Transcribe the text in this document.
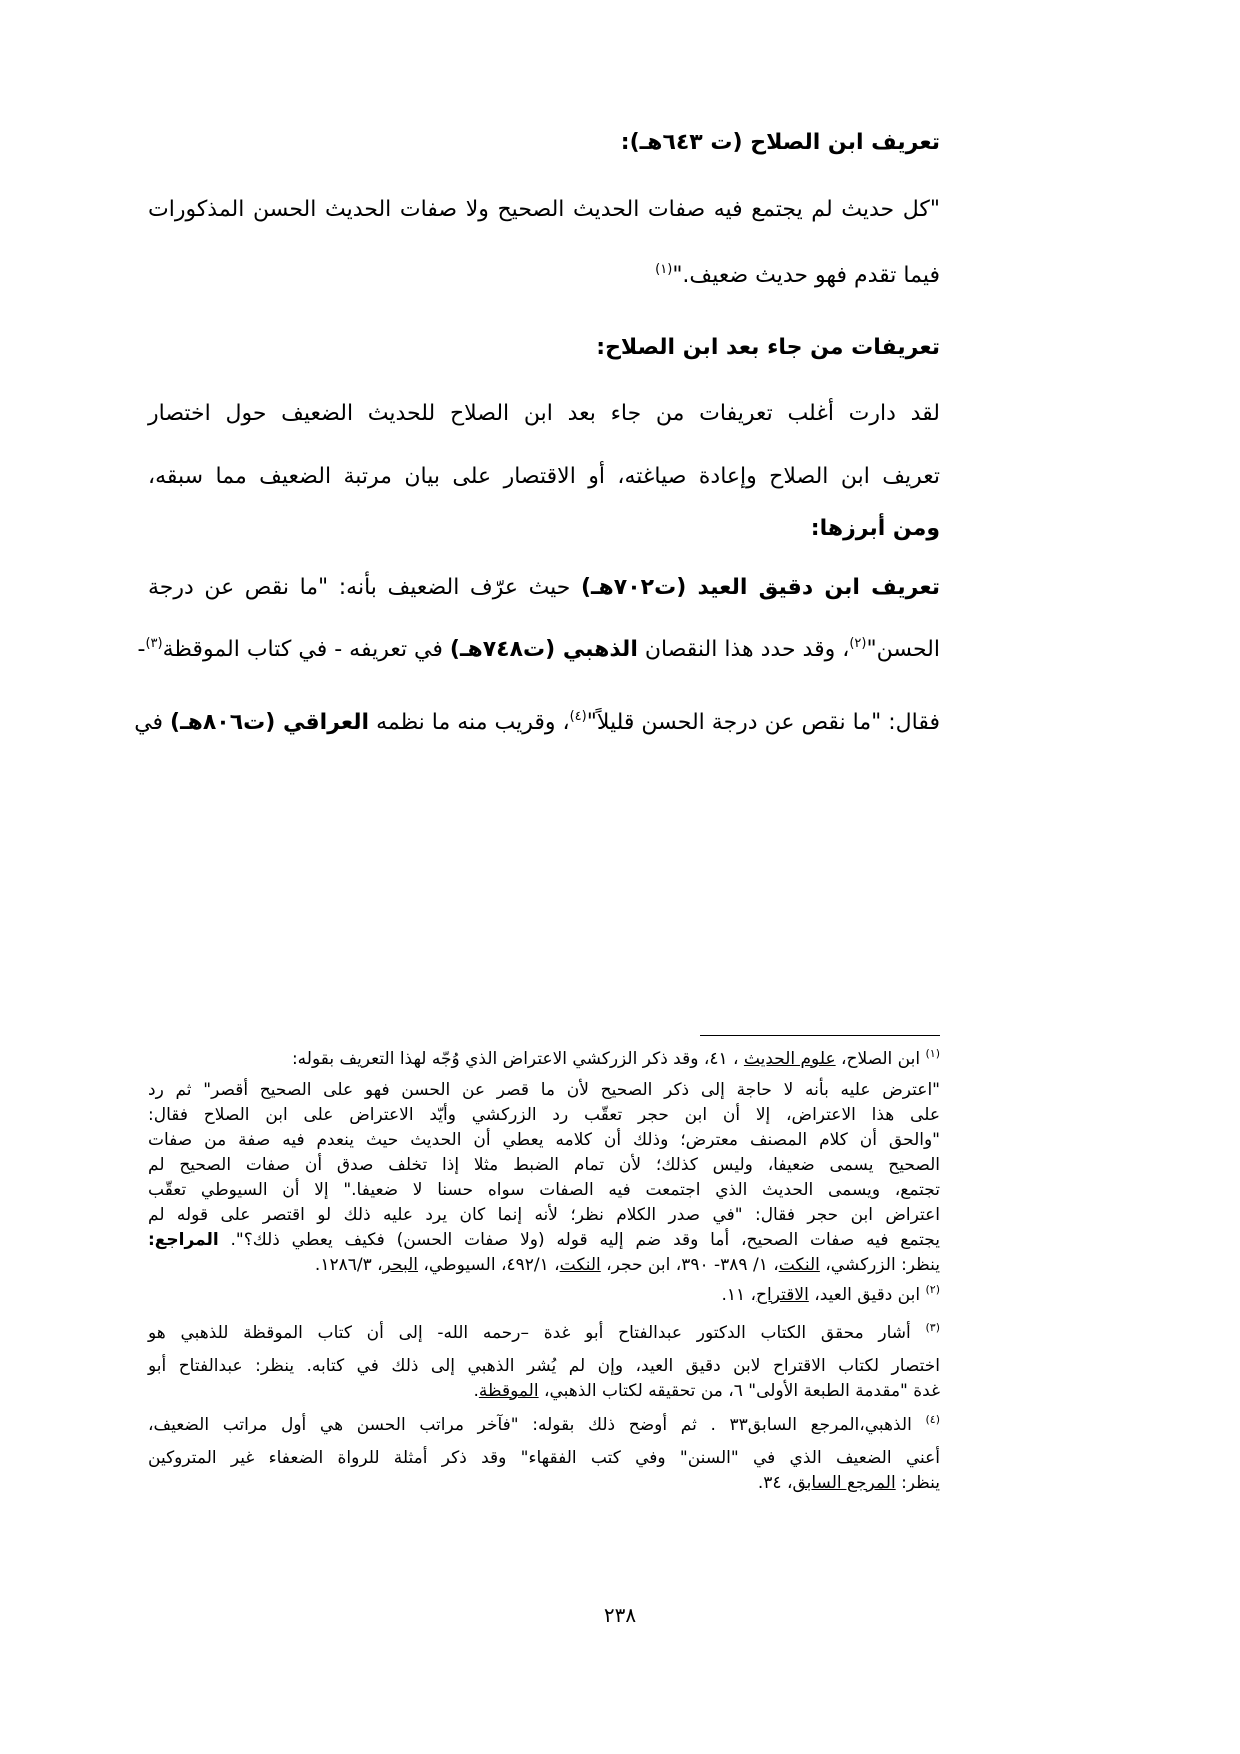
تعريف ابن الصلاح (ت ٦٤٣هـ):
"كل حديث لم يجتمع فيه صفات الحديث الصحيح ولا صفات الحديث الحسن المذكورات
فيما تقدم فهو حديث ضعيف."$^{(١)}$
تعريفات من جاء بعد ابن الصلاح:
لقد دارت أغلب تعريفات من جاء بعد ابن الصلاح للحديث الضعيف حول اختصار
تعريف ابن الصلاح وإعادة صياغته، أو الاقتصار على بيان مرتبة الضعيف مما سبقه،
ومن أبرزها:
تعريف ابن دقيق العيد (ت٧٠٢هـ) حيث عرّف الضعيف بأنه: "ما نقص عن درجة
الحسن"$^{(٢)}$، وقد حدد هذا النقصان الذهبي (ت٧٤٨هـ) في تعريفه - في كتاب الموقظة$^{(٣)}$-
فقال: "ما نقص عن درجة الحسن قليلاً"$^{(٤)}$، وقريب منه ما نظمه العراقي (ت٨٠٦هـ) في
$^{(١)}$ ابن الصلاح، علوم الحديث ، ٤١، وقد ذكر الزركشي الاعتراض الذي وُجّه لهذا التعريف بقوله:
"اعترض عليه بأنه لا حاجة إلى ذكر الصحيح لأن ما قصر عن الحسن فهو على الصحيح أقصر" ثم رد
على هذا الاعتراض، إلا أن ابن حجر تعقّب رد الزركشي وأيّد الاعتراض على ابن الصلاح فقال:
"والحق أن كلام المصنف معترض؛ وذلك أن كلامه يعطي أن الحديث حيث ينعدم فيه صفة من صفات
الصحيح يسمى ضعيفا، وليس كذلك؛ لأن تمام الضبط مثلا إذا تخلف صدق أن صفات الصحيح لم
تجتمع، ويسمى الحديث الذي اجتمعت فيه الصفات سواه حسنا لا ضعيفا." إلا أن السيوطي تعقّب
اعتراض ابن حجر فقال: "في صدر الكلام نظر؛ لأنه إنما كان يرد عليه ذلك لو اقتصر على قوله لم
يجتمع فيه صفات الصحيح، أما وقد ضم إليه قوله (ولا صفات الحسن) فكيف يعطي ذلك؟". المراجع:
ينظر: الزركشي، النكت، ١/ ٣٨٩- ٣٩٠، ابن حجر، النكت، ٤٩٢/١، السيوطي، البحر، ١٢٨٦/٣.
$^{(٢)}$ ابن دقيق العيد، الاقتراح، ١١.
$^{(٣)}$ أشار محقق الكتاب الدكتور عبدالفتاح أبو غدة –رحمه الله- إلى أن كتاب الموقظة للذهبي هو
اختصار لكتاب الاقتراح لابن دقيق العيد، وإن لم يُشر الذهبي إلى ذلك في كتابه. ينظر: عبدالفتاح أبو
غدة "مقدمة الطبعة الأولى" ٦، من تحقيقه لكتاب الذهبي، الموقظة.
$^{(٤)}$ الذهبي،المرجع السابق٣٣ . ثم أوضح ذلك بقوله: "فآخر مراتب الحسن هي أول مراتب الضعيف،
أعني الضعيف الذي في "السنن" وفي كتب الفقهاء" وقد ذكر أمثلة للرواة الضعفاء غير المتروكين
ينظر: المرجع السابق، ٣٤.
٢٣٨
